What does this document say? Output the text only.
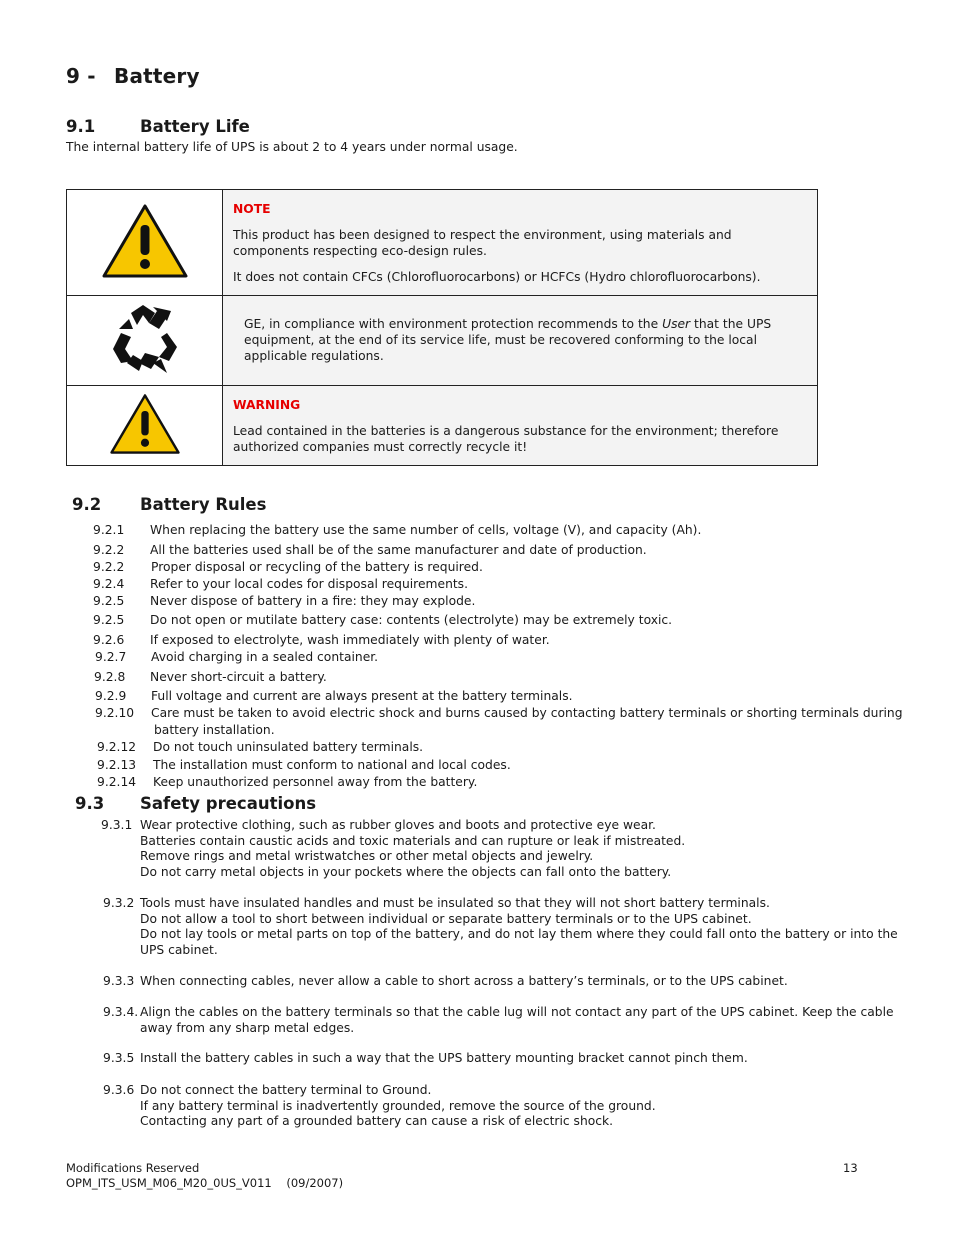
9 - Battery
9.1	Battery Life
The internal battery life of UPS is about 2 to 4 years under normal usage.

NOTE

This product has been designed to respect the environment, using materials and components respecting eco-design rules.

It does not contain CFCs (Chlorofluorocarbons) or HCFCs (Hydro chlorofluorocarbons).

GE, in compliance with environment protection recommends to the User that the UPS equipment, at the end of its service life, must be recovered conforming to the local applicable regulations.

WARNING

Lead contained in the batteries is a dangerous substance for the environment; therefore authorized companies must correctly recycle it!

9.2 Battery Rules
9.2.1 When replacing the battery use the same number of cells, voltage (V), and capacity (Ah).
9.2.2 All the batteries used shall be of the same manufacturer and date of production.
9.2.2 Proper disposal or recycling of the battery is required.
9.2.4 Refer to your local codes for disposal requirements.
9.2.5 Never dispose of battery in a fire: they may explode.
9.2.5 Do not open or mutilate battery case: contents (electrolyte) may be extremely toxic.
9.2.6 If exposed to electrolyte, wash immediately with plenty of water.
9.2.7 Avoid charging in a sealed container.
9.2.8 Never short-circuit a battery.
9.2.9 Full voltage and current are always present at the battery terminals.
9.2.10 Care must be taken to avoid electric shock and burns caused by contacting battery terminals or shorting terminals during
battery installation.
9.2.12 Do not touch uninsulated battery terminals.
9.2.13 The installation must conform to national and local codes.
9.2.14 Keep unauthorized personnel away from the battery.
9.3 Safety precautions
9.3.1 Wear protective clothing, such as rubber gloves and boots and protective eye wear.
Batteries contain caustic acids and toxic materials and can rupture or leak if mistreated.
Remove rings and metal wristwatches or other metal objects and jewelry.
Do not carry metal objects in your pockets where the objects can fall onto the battery.
9.3.2 Tools must have insulated handles and must be insulated so that they will not short battery terminals.
Do not allow a tool to short between individual or separate battery terminals or to the UPS cabinet.
Do not lay tools or metal parts on top of the battery, and do not lay them where they could fall onto the battery or into the
UPS cabinet.
9.3.3 When connecting cables, never allow a cable to short across a battery’s terminals, or to the UPS cabinet.
9.3.4. Align the cables on the battery terminals so that the cable lug will not contact any part of the UPS cabinet. Keep the cable
away from any sharp metal edges.
9.3.5 Install the battery cables in such a way that the UPS battery mounting bracket cannot pinch them.
9.3.6 Do not connect the battery terminal to Ground.
If any battery terminal is inadvertently grounded, remove the source of the ground.
Contacting any part of a grounded battery can cause a risk of electric shock.
Modifications Reserved
OPM_ITS_USM_M06_M20_0US_V011    (09/2007)
13
